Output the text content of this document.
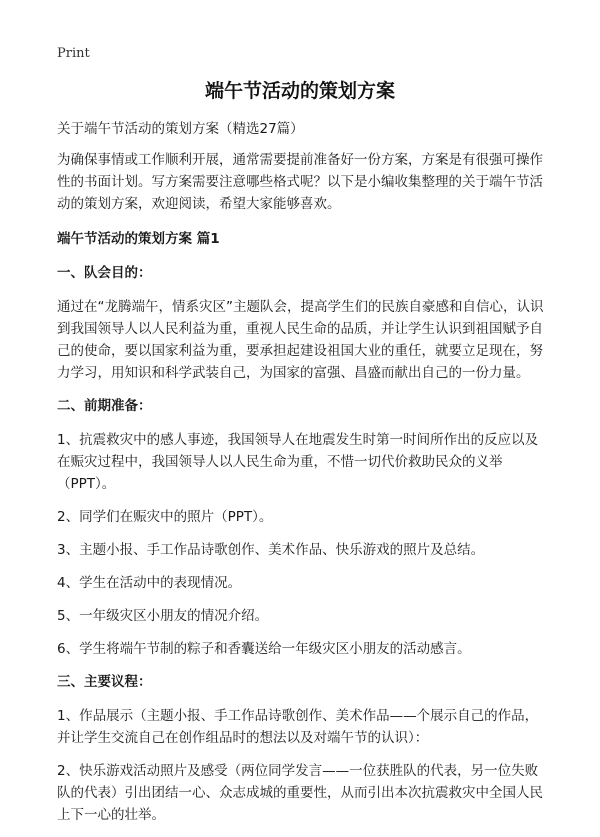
Print
端午节活动的策划方案

关于端午节活动的策划方案（精选27篇）

为确保事情或工作顺利开展，通常需要提前准备好一份方案，方案是有很强可操作性的书面计划。写方案需要注意哪些格式呢？以下是小编收集整理的关于端午节活动的策划方案，欢迎阅读，希望大家能够喜欢。

端午节活动的策划方案 篇1

一、队会目的：

通过在“龙腾端午，情系灾区”主题队会，提高学生们的民族自豪感和自信心，认识到我国领导人以人民利益为重，重视人民生命的品质，并让学生认识到祖国赋予自己的使命，要以国家利益为重，要承担起建设祖国大业的重任，就要立足现在，努力学习，用知识和科学武装自己，为国家的富强、昌盛而献出自己的一份力量。

二、前期准备：

1、抗震救灾中的感人事迹，我国领导人在地震发生时第一时间所作出的反应以及在赈灾过程中，我国领导人以人民生命为重，不惜一切代价救助民众的义举（PPT）。

2、同学们在赈灾中的照片（PPT）。

3、主题小报、手工作品诗歌创作、美术作品、快乐游戏的照片及总结。

4、学生在活动中的表现情况。

5、一年级灾区小朋友的情况介绍。

6、学生将端午节制的粽子和香囊送给一年级灾区小朋友的活动感言。

三、主要议程：

1、作品展示（主题小报、手工作品诗歌创作、美术作品——个展示自己的作品，并让学生交流自己在创作组品时的想法以及对端午节的认识）：

2、快乐游戏活动照片及感受（两位同学发言——一位获胜队的代表，另一位失败队的代表）引出团结一心、众志成城的重要性，从而引出本次抗震救灾中全国人民上下一心的壮举。
